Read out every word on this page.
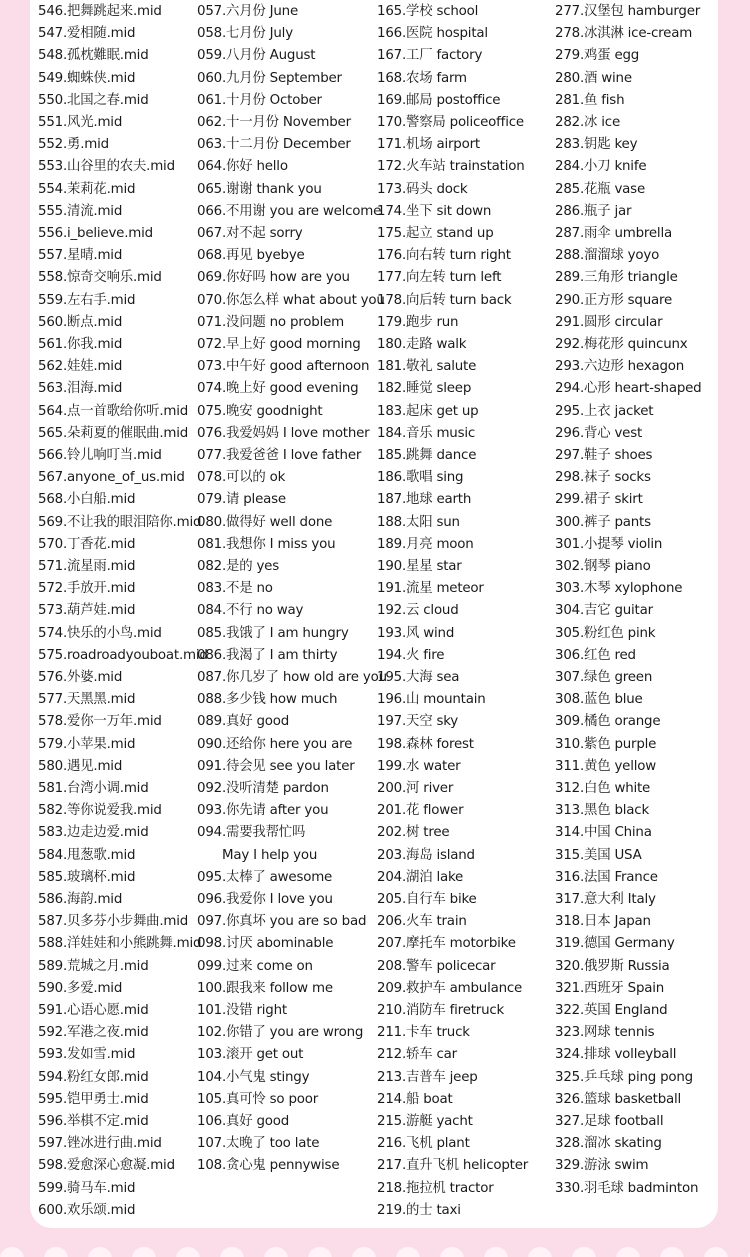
546.把舞跳起来.mid
547.爱相随.mid
548.孤枕難眠.mid
549.蜘蛛侠.mid
550.北国之春.mid
551.风光.mid
552.勇.mid
553.山谷里的农夫.mid
554.茉莉花.mid
555.清流.mid
556.i_believe.mid
557.星晴.mid
558.惊奇交响乐.mid
559.左右手.mid
560.断点.mid
561.你我.mid
562.娃娃.mid
563.泪海.mid
564.点一首歌给你听.mid
565.朵莉夏的催眠曲.mid
566.铃儿响叮当.mid
567.anyone_of_us.mid
568.小白船.mid
569.不让我的眼泪陪你.mid
570.丁香花.mid
571.流星雨.mid
572.手放开.mid
573.葫芦娃.mid
574.快乐的小鸟.mid
575.roadroadyouboat.mid
576.外婆.mid
577.天黑黑.mid
578.爱你一万年.mid
579.小苹果.mid
580.遇见.mid
581.台湾小调.mid
582.等你说爱我.mid
583.边走边爱.mid
584.甩葱歌.mid
585.玻璃杯.mid
586.海韵.mid
587.贝多芬小步舞曲.mid
588.洋娃娃和小熊跳舞.mid
589.荒城之月.mid
590.多爱.mid
591.心语心愿.mid
592.军港之夜.mid
593.发如雪.mid
594.粉红女郎.mid
595.铠甲勇士.mid
596.举棋不定.mid
597.锉冰进行曲.mid
598.爱愈深心愈凝.mid
599.骑马车.mid
600.欢乐颂.mid
057.六月份 June
058.七月份 July
059.八月份 August
060.九月份 September
061.十月份 October
062.十一月份 November
063.十二月份 December
064.你好 hello
065.谢谢 thank you
066.不用谢 you are welcome
067.对不起 sorry
068.再见 byebye
069.你好吗 how are you
070.你怎么样 what about you
071.没问题 no problem
072.早上好 good morning
073.中午好 good afternoon
074.晚上好 good evening
075.晚安 goodnight
076.我爱妈妈 I love mother
077.我爱爸爸 I love father
078.可以的 ok
079.请 please
080.做得好 well done
081.我想你 I miss you
082.是的 yes
083.不是 no
084.不行 no way
085.我饿了 I am hungry
086.我渴了 I am thirty
087.你几岁了 how old are you
088.多少钱 how much
089.真好 good
090.还给你 here you are
091.待会见 see you later
092.没听清楚 pardon
093.你先请 after you
094.需要我帮忙吗
May I help you
095.太棒了 awesome
096.我爱你 I love you
097.你真坏 you are so bad
098.讨厌 abominable
099.过来 come on
100.跟我来 follow me
101.没错 right
102.你错了 you are wrong
103.滚开 get out
104.小气鬼 stingy
105.真可怜 so poor
106.真好 good
107.太晚了 too late
108.贪心鬼 pennywise
165.学校 school
166.医院 hospital
167.工厂 factory
168.农场 farm
169.邮局 postoffice
170.警察局 policeoffice
171.机场 airport
172.火车站 trainstation
173.码头 dock
174.坐下 sit down
175.起立 stand up
176.向右转 turn right
177.向左转 turn left
178.向后转 turn back
179.跑步 run
180.走路 walk
181.敬礼 salute
182.睡觉 sleep
183.起床 get up
184.音乐 music
185.跳舞 dance
186.歌唱 sing
187.地球 earth
188.太阳 sun
189.月亮 moon
190.星星 star
191.流星 meteor
192.云 cloud
193.风 wind
194.火 fire
195.大海 sea
196.山 mountain
197.天空 sky
198.森林 forest
199.水 water
200.河 river
201.花 flower
202.树 tree
203.海岛 island
204.湖泊 lake
205.自行车 bike
206.火车 train
207.摩托车 motorbike
208.警车 policecar
209.救护车 ambulance
210.消防车 firetruck
211.卡车 truck
212.轿车 car
213.吉普车 jeep
214.船 boat
215.游艇 yacht
216.飞机 plant
217.直升飞机 helicopter
218.拖拉机 tractor
219.的士 taxi
277.汉堡包 hamburger
278.冰淇淋 ice-cream
279.鸡蛋 egg
280.酒 wine
281.鱼 fish
282.冰 ice
283.钥匙 key
284.小刀 knife
285.花瓶 vase
286.瓶子 jar
287.雨伞 umbrella
288.溜溜球 yoyo
289.三角形 triangle
290.正方形 square
291.圆形 circular
292.梅花形 quincunx
293.六边形 hexagon
294.心形 heart-shaped
295.上衣 jacket
296.背心 vest
297.鞋子 shoes
298.袜子 socks
299.裙子 skirt
300.裤子 pants
301.小提琴 violin
302.钢琴 piano
303.木琴 xylophone
304.吉它 guitar
305.粉红色 pink
306.红色 red
307.绿色 green
308.蓝色 blue
309.橘色 orange
310.紫色 purple
311.黄色 yellow
312.白色 white
313.黑色 black
314.中国 China
315.美国 USA
316.法国 France
317.意大利 Italy
318.日本 Japan
319.德国 Germany
320.俄罗斯 Russia
321.西班牙 Spain
322.英国 England
323.网球 tennis
324.排球 volleyball
325.乒乓球 ping pong
326.篮球 basketball
327.足球 football
328.溜冰 skating
329.游泳 swim
330.羽毛球 badminton
